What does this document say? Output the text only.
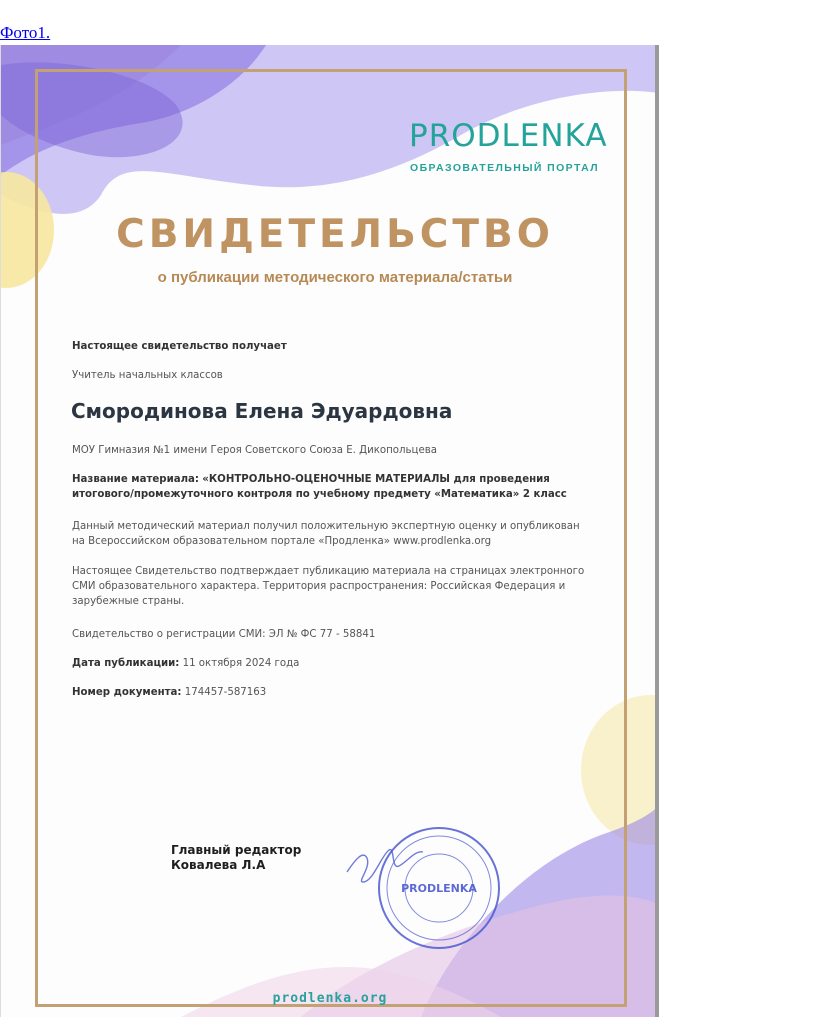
Фото1.
PRODLENKA
ОБРАЗОВАТЕЛЬНЫЙ ПОРТАЛ
СВИДЕТЕЛЬСТВО
о публикации методического материала/статьи
Настоящее свидетельство получает
Учитель начальных классов
Смородинова Елена Эдуардовна
МОУ Гимназия №1 имени Героя Советского Союза Е. Дикопольцева
Название материала: «КОНТРОЛЬНО-ОЦЕНОЧНЫЕ МАТЕРИАЛЫ для проведения
итогового/промежуточного контроля по учебному предмету «Математика» 2 класс
Данный методический материал получил положительную экспертную оценку и опубликован
на Всероссийском образовательном портале «Продленка» www.prodlenka.org
Настоящее Свидетельство подтверждает публикацию материала на страницах электронного
СМИ образовательного характера. Территория распространения: Российская Федерация и
зарубежные страны.
Свидетельство о регистрации СМИ: ЭЛ № ФС 77 - 58841
Дата публикации: 11 октября 2024 года
Номер документа: 174457-587163
Главный редактор
Ковалева Л.А
PRODLENKA
prodlenka.org
